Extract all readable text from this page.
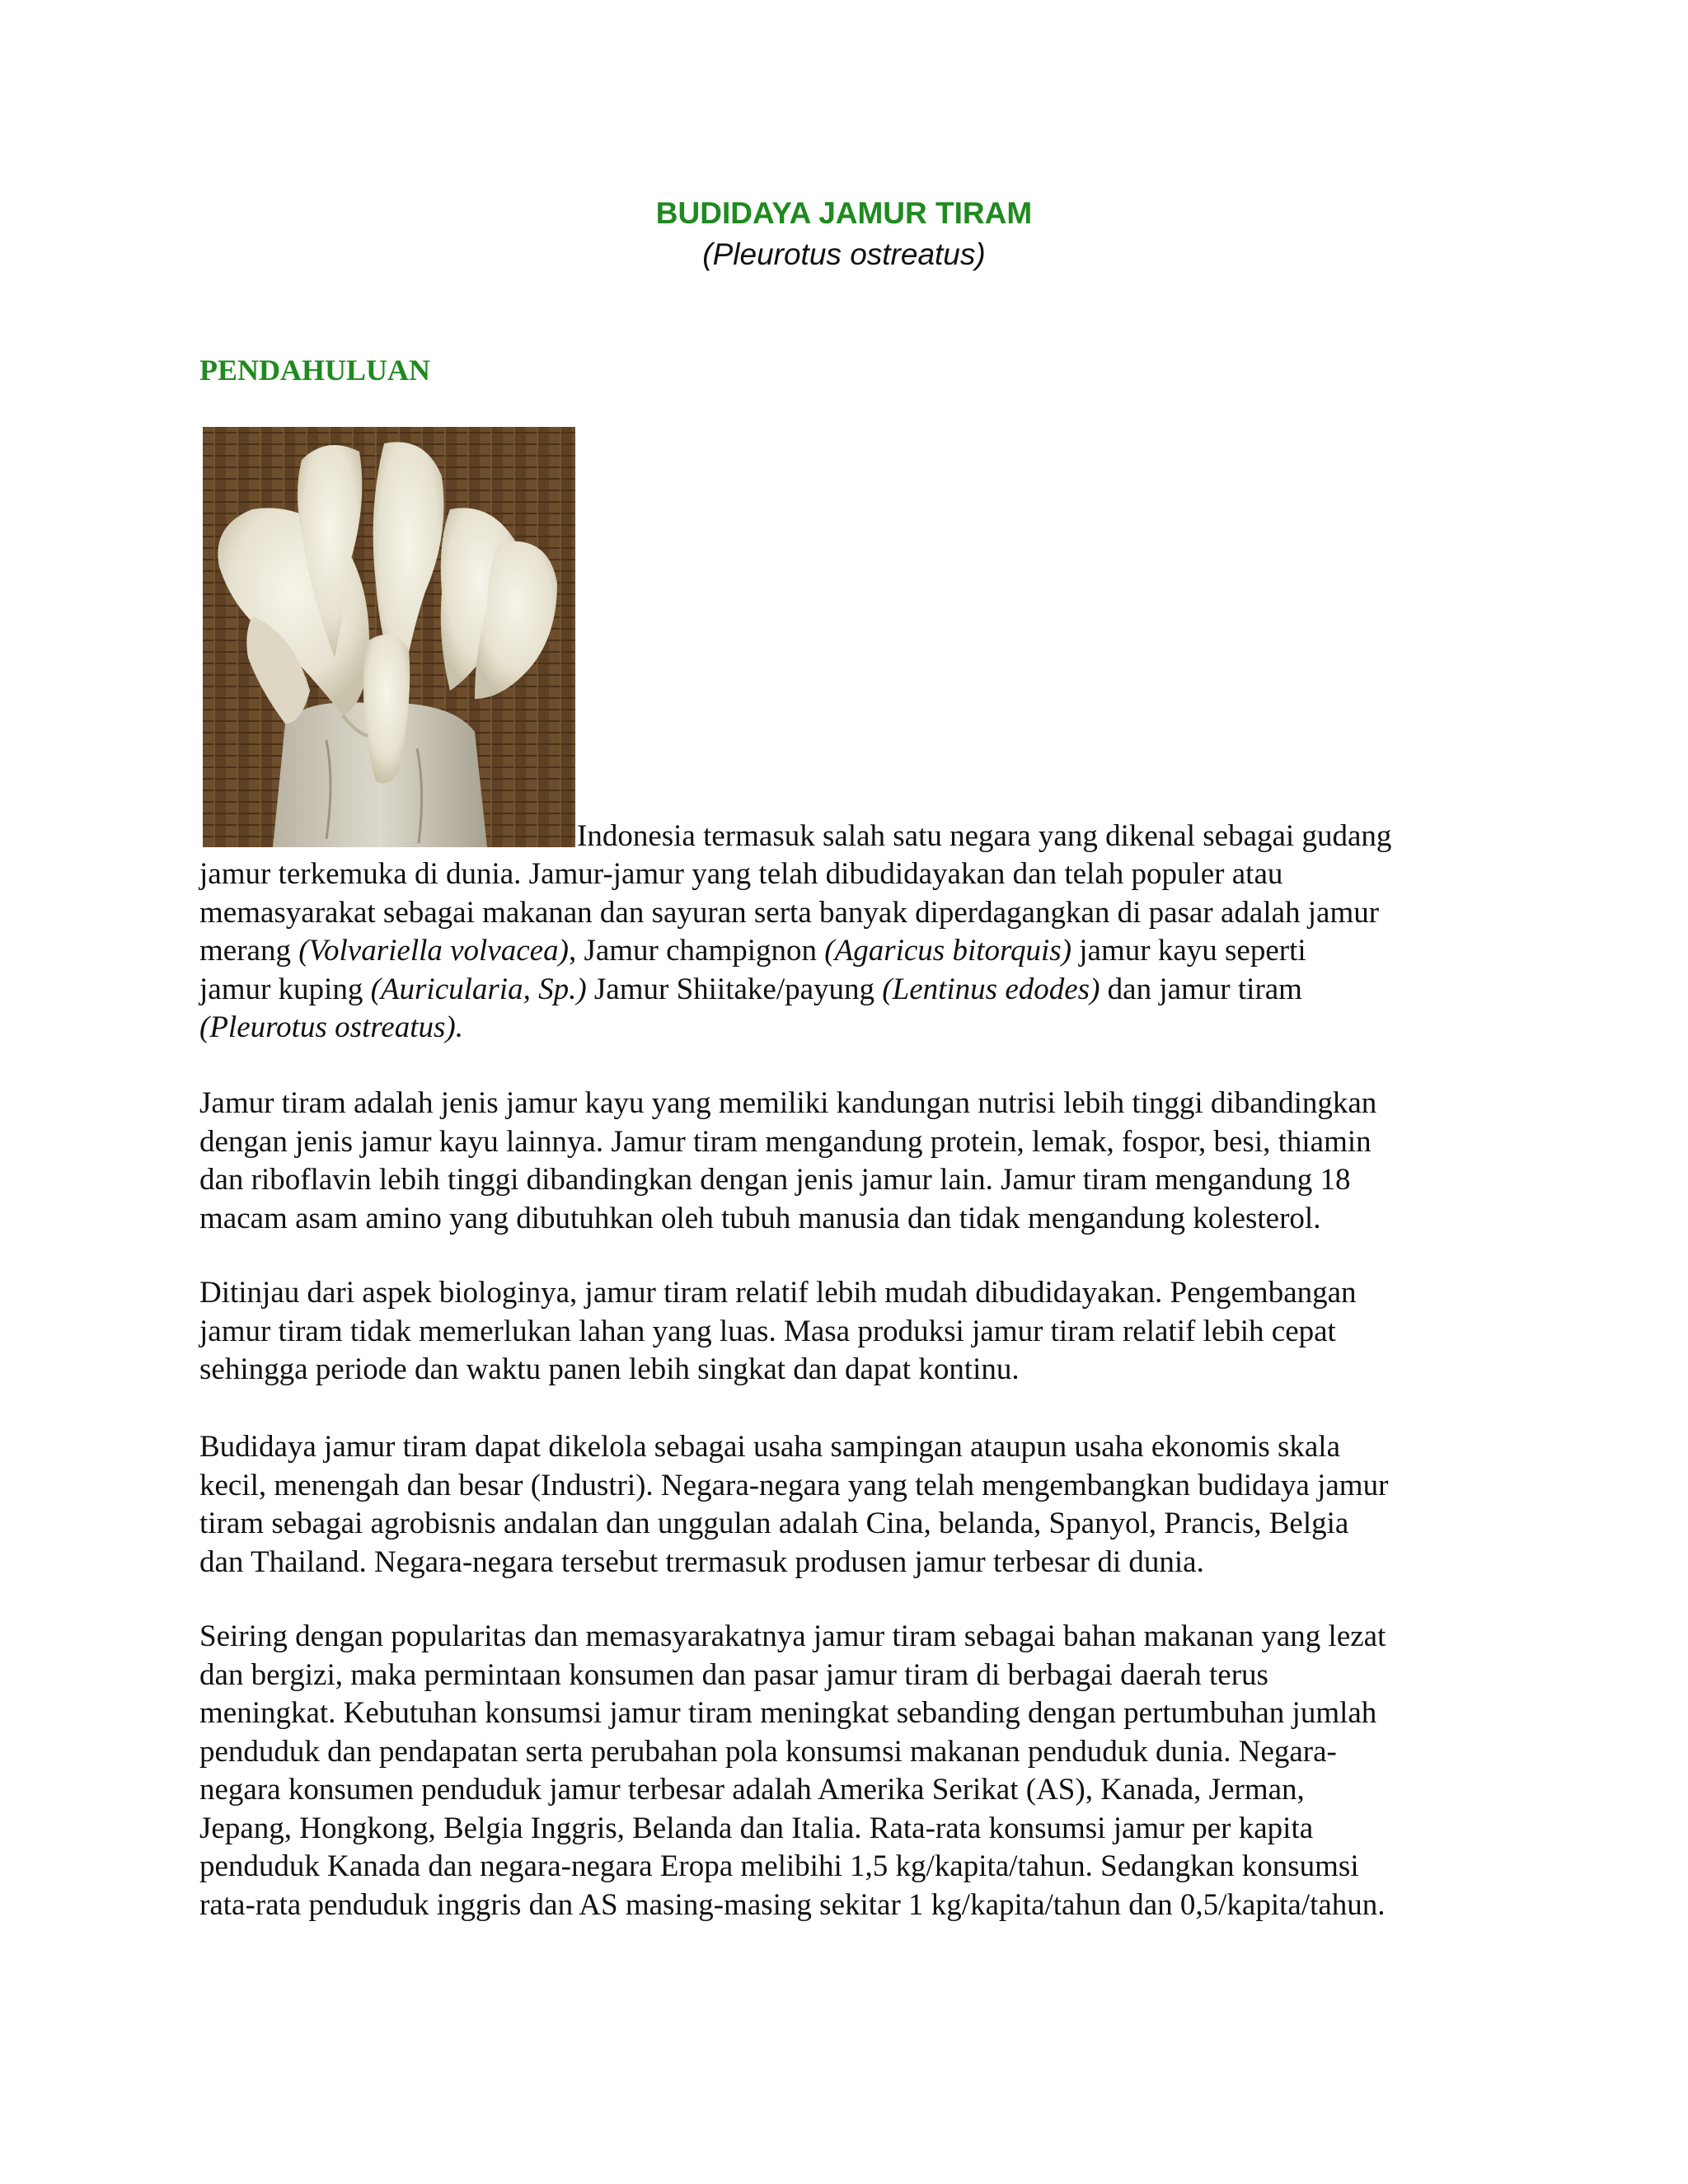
BUDIDAYA JAMUR TIRAM
(Pleurotus ostreatus)
PENDAHULUAN
Indonesia termasuk salah satu negara yang dikenal sebagai gudang
jamur terkemuka di dunia. Jamur-jamur yang telah dibudidayakan dan telah populer atau
memasyarakat sebagai makanan dan sayuran serta banyak diperdagangkan di pasar adalah jamur
merang (Volvariella volvacea), Jamur champignon (Agaricus bitorquis) jamur kayu seperti
jamur kuping (Auricularia, Sp.) Jamur Shiitake/payung (Lentinus edodes) dan jamur tiram
(Pleurotus ostreatus).
Jamur tiram adalah jenis jamur kayu yang memiliki kandungan nutrisi lebih tinggi dibandingkan
dengan jenis jamur kayu lainnya. Jamur tiram mengandung protein, lemak, fospor, besi, thiamin
dan riboflavin lebih tinggi dibandingkan dengan jenis jamur lain. Jamur tiram mengandung 18
macam asam amino yang dibutuhkan oleh tubuh manusia dan tidak mengandung kolesterol.
Ditinjau dari aspek biologinya, jamur tiram relatif lebih mudah dibudidayakan. Pengembangan
jamur tiram tidak memerlukan lahan yang luas. Masa produksi jamur tiram relatif lebih cepat
sehingga periode dan waktu panen lebih singkat dan dapat kontinu.
Budidaya jamur tiram dapat dikelola sebagai usaha sampingan ataupun usaha ekonomis skala
kecil, menengah dan besar (Industri). Negara-negara yang telah mengembangkan budidaya jamur
tiram sebagai agrobisnis andalan dan unggulan adalah Cina, belanda, Spanyol, Prancis, Belgia
dan Thailand. Negara-negara tersebut trermasuk produsen jamur terbesar di dunia.
Seiring dengan popularitas dan memasyarakatnya jamur tiram sebagai bahan makanan yang lezat
dan bergizi, maka permintaan konsumen dan pasar jamur tiram di berbagai daerah terus
meningkat. Kebutuhan konsumsi jamur tiram meningkat sebanding dengan pertumbuhan jumlah
penduduk dan pendapatan serta perubahan pola konsumsi makanan penduduk dunia. Negara-
negara konsumen penduduk jamur terbesar adalah Amerika Serikat (AS), Kanada, Jerman,
Jepang, Hongkong, Belgia Inggris, Belanda dan Italia. Rata-rata konsumsi jamur per kapita
penduduk Kanada dan negara-negara Eropa melibihi 1,5 kg/kapita/tahun. Sedangkan konsumsi
rata-rata penduduk inggris dan AS masing-masing sekitar 1 kg/kapita/tahun dan 0,5/kapita/tahun.
